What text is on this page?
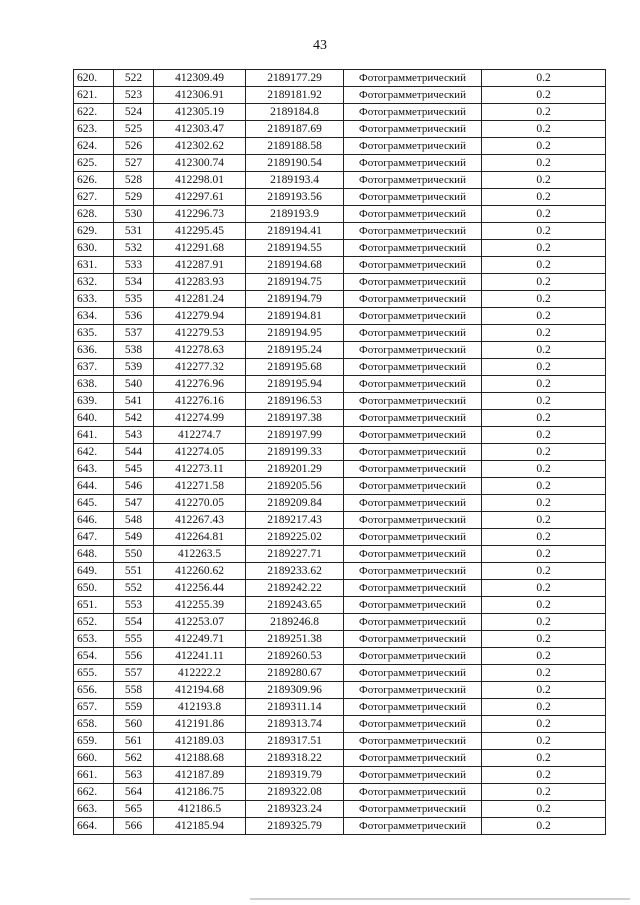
43
620.	522	412309.49	2189177.29	Фотограмметрический	0.2
621.	523	412306.91	2189181.92	Фотограмметрический	0.2
622.	524	412305.19	2189184.8	Фотограмметрический	0.2
623.	525	412303.47	2189187.69	Фотограмметрический	0.2
624.	526	412302.62	2189188.58	Фотограмметрический	0.2
625.	527	412300.74	2189190.54	Фотограмметрический	0.2
626.	528	412298.01	2189193.4	Фотограмметрический	0.2
627.	529	412297.61	2189193.56	Фотограмметрический	0.2
628.	530	412296.73	2189193.9	Фотограмметрический	0.2
629.	531	412295.45	2189194.41	Фотограмметрический	0.2
630.	532	412291.68	2189194.55	Фотограмметрический	0.2
631.	533	412287.91	2189194.68	Фотограмметрический	0.2
632.	534	412283.93	2189194.75	Фотограмметрический	0.2
633.	535	412281.24	2189194.79	Фотограмметрический	0.2
634.	536	412279.94	2189194.81	Фотограмметрический	0.2
635.	537	412279.53	2189194.95	Фотограмметрический	0.2
636.	538	412278.63	2189195.24	Фотограмметрический	0.2
637.	539	412277.32	2189195.68	Фотограмметрический	0.2
638.	540	412276.96	2189195.94	Фотограмметрический	0.2
639.	541	412276.16	2189196.53	Фотограмметрический	0.2
640.	542	412274.99	2189197.38	Фотограмметрический	0.2
641.	543	412274.7	2189197.99	Фотограмметрический	0.2
642.	544	412274.05	2189199.33	Фотограмметрический	0.2
643.	545	412273.11	2189201.29	Фотограмметрический	0.2
644.	546	412271.58	2189205.56	Фотограмметрический	0.2
645.	547	412270.05	2189209.84	Фотограмметрический	0.2
646.	548	412267.43	2189217.43	Фотограмметрический	0.2
647.	549	412264.81	2189225.02	Фотограмметрический	0.2
648.	550	412263.5	2189227.71	Фотограмметрический	0.2
649.	551	412260.62	2189233.62	Фотограмметрический	0.2
650.	552	412256.44	2189242.22	Фотограмметрический	0.2
651.	553	412255.39	2189243.65	Фотограмметрический	0.2
652.	554	412253.07	2189246.8	Фотограмметрический	0.2
653.	555	412249.71	2189251.38	Фотограмметрический	0.2
654.	556	412241.11	2189260.53	Фотограмметрический	0.2
655.	557	412222.2	2189280.67	Фотограмметрический	0.2
656.	558	412194.68	2189309.96	Фотограмметрический	0.2
657.	559	412193.8	2189311.14	Фотограмметрический	0.2
658.	560	412191.86	2189313.74	Фотограмметрический	0.2
659.	561	412189.03	2189317.51	Фотограмметрический	0.2
660.	562	412188.68	2189318.22	Фотограмметрический	0.2
661.	563	412187.89	2189319.79	Фотограмметрический	0.2
662.	564	412186.75	2189322.08	Фотограмметрический	0.2
663.	565	412186.5	2189323.24	Фотограмметрический	0.2
664.	566	412185.94	2189325.79	Фотограмметрический	0.2
